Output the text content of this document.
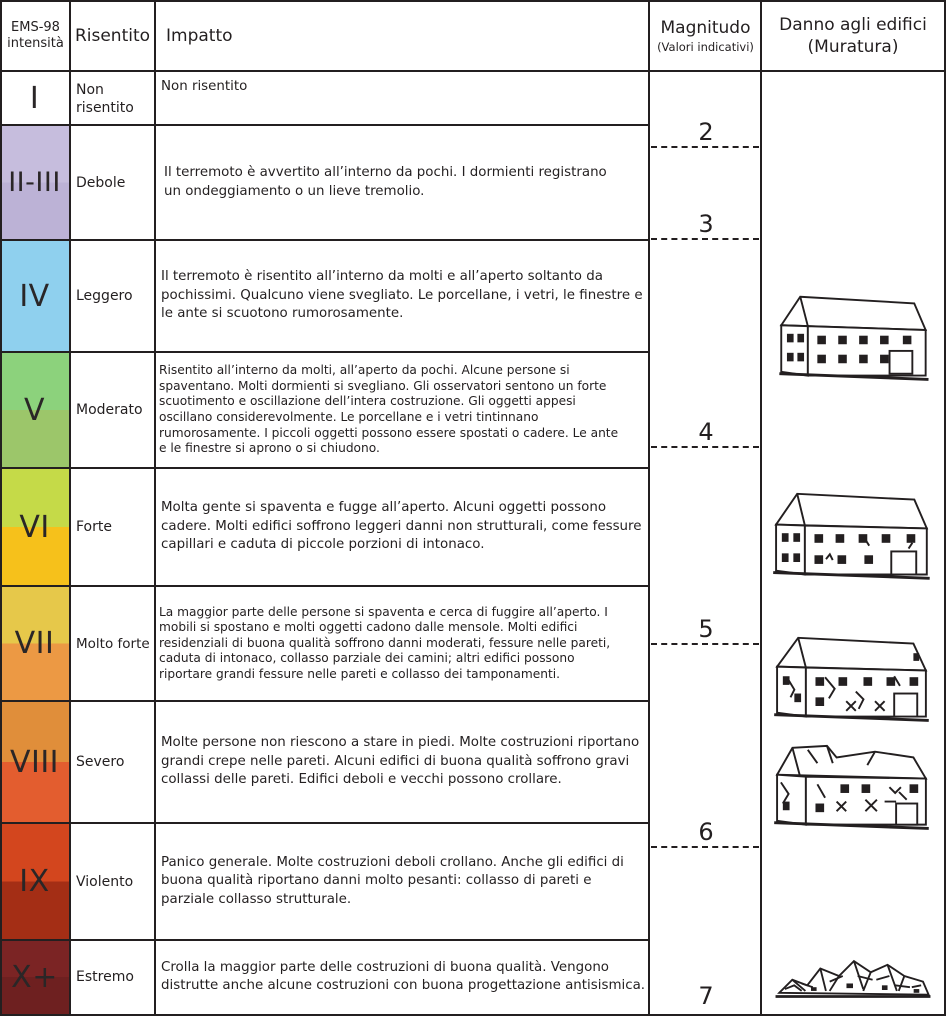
EMS-98
intensità Risentito Impatto	Magnitudo
(Valori indicativi)
Danno agli edifici
(Muratura)
I
II-III
IV
V
VI
VII
VIII
IX
X+
Non risentito
Debole
Leggero
Moderato
Forte
Molto forte
Severo
Violento
Estremo
Non risentito
Il terremoto è avvertito all’interno da pochi. I dormienti registrano un ondeggiamento o un lieve tremolio.
Il terremoto è risentito all’interno da molti e all’aperto soltanto da pochissimi. Qualcuno viene svegliato. Le porcellane, i vetri, le finestre e le ante si scuotono rumorosamente.
Risentito all’interno da molti, all’aperto da pochi. Alcune persone si spaventano. Molti dormienti si svegliano. Gli osservatori sentono un forte scuotimento e oscillazione dell’intera costruzione. Gli oggetti appesi oscillano considerevolmente. Le porcellane e i vetri tintinnano rumorosamente. I piccoli oggetti possono essere spostati o cadere. Le ante e le finestre si aprono o si chiudono.
Molta gente si spaventa e fugge all’aperto. Alcuni oggetti possono cadere. Molti edifici soffrono leggeri danni non strutturali, come fessure capillari e caduta di piccole porzioni di intonaco.
La maggior parte delle persone si spaventa e cerca di fuggire all’aperto. I mobili si spostano e molti oggetti cadono dalle mensole. Molti edifici residenziali di buona qualità soffrono danni moderati, fessure nelle pareti, caduta di intonaco, collasso parziale dei camini; altri edifici possono riportare grandi fessure nelle pareti e collasso dei tamponamenti.
Molte persone non riescono a stare in piedi. Molte costruzioni riportano grandi crepe nelle pareti. Alcuni edifici di buona qualità soffrono gravi collassi delle pareti. Edifici deboli e vecchi possono crollare.
Panico generale. Molte costruzioni deboli crollano. Anche gli edifici di buona qualità riportano danni molto pesanti: collasso di pareti e parziale collasso strutturale.
Crolla la maggior parte delle costruzioni di buona qualità. Vengono distrutte anche alcune costruzioni con buona progettazione antisismica.
2
3
4
5
6
7
